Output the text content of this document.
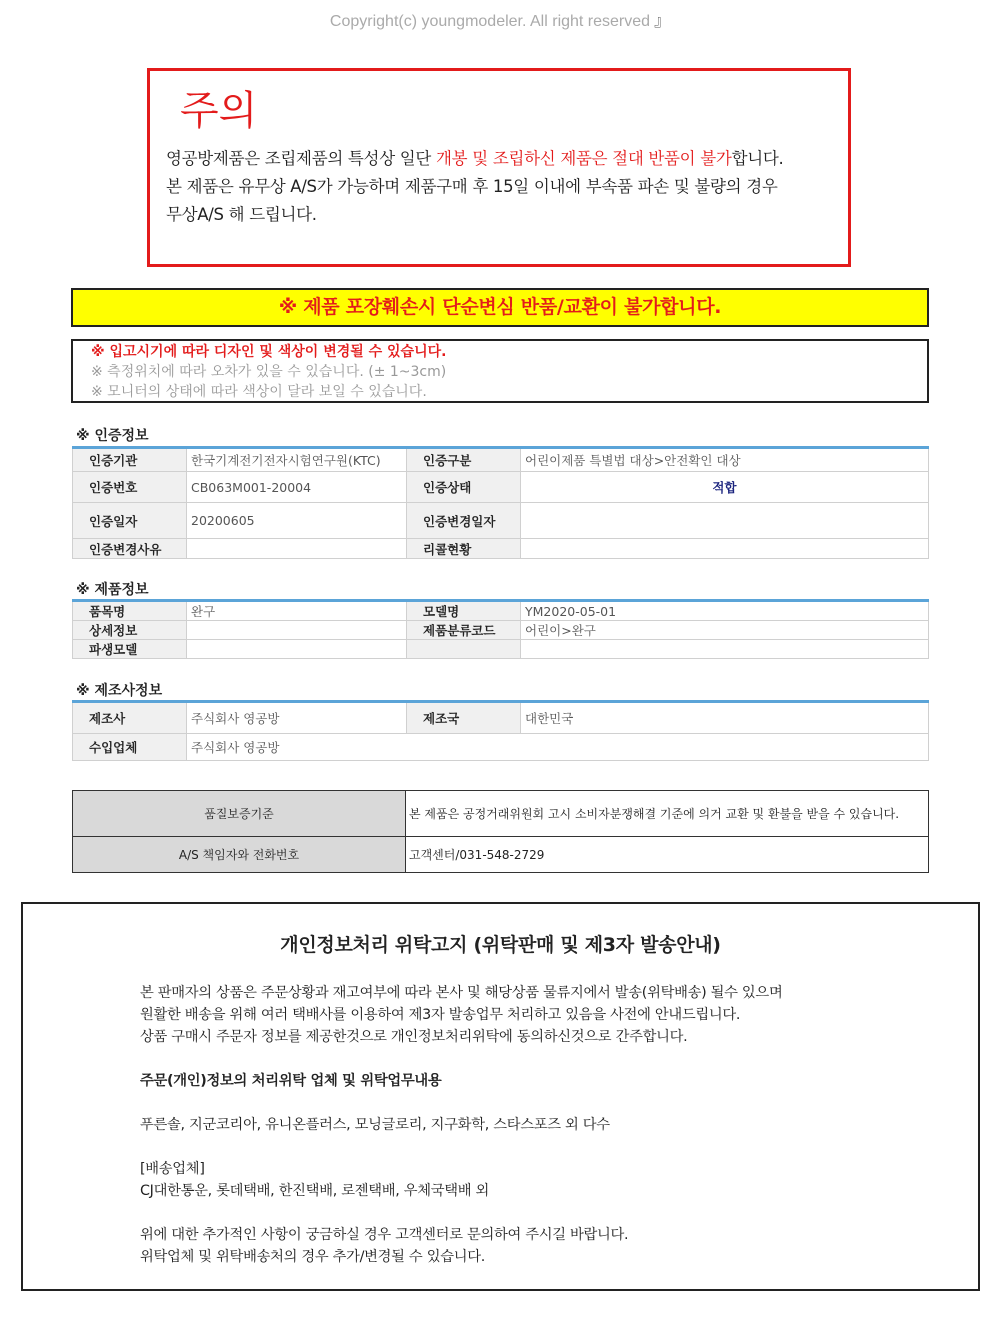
Copyright(c) youngmodeler. All right reserved 』
주의
영공방제품은 조립제품의 특성상 일단 개봉 및 조립하신 제품은 절대 반품이 불가합니다.
본 제품은 유무상 A/S가 가능하며 제품구매 후 15일 이내에 부속품 파손 및 불량의 경우
무상A/S 해 드립니다.
※ 제품 포장훼손시 단순변심 반품/교환이 불가합니다.
※ 입고시기에 따라 디자인 및 색상이 변경될 수 있습니다.
※ 측정위치에 따라 오차가 있을 수 있습니다. (± 1~3cm)
※ 모니터의 상태에 따라 색상이 달라 보일 수 있습니다.
※ 인증정보
인증기관	한국기계전기전자시험연구원(KTC)	인증구분	어린이제품 특별법 대상>안전확인 대상
인증번호	CB063M001-20004	인증상태	적합
인증일자	20200605	인증변경일자	
인증변경사유		리콜현황	
※ 제품정보
품목명	완구	모델명	YM2020-05-01
상세정보		제품분류코드	어린이>완구
파생모델			
※ 제조사정보
제조사	주식회사 영공방	제조국	대한민국
수입업체	주식회사 영공방		
품질보증기준	본 제품은 공정거래위원회 고시 소비자분쟁해결 기준에 의거 교환 및 환불을 받을 수 있습니다.
A/S 책임자와 전화번호	고객센터/031-548-2729
개인정보처리 위탁고지 (위탁판매 및 제3자 발송안내)
본 판매자의 상품은 주문상황과 재고여부에 따라 본사 및 해당상품 물류지에서 발송(위탁배송) 될수 있으며
원활한 배송을 위해 여러 택배사를 이용하여 제3자 발송업무 처리하고 있음을 사전에 안내드립니다.
상품 구매시 주문자 정보를 제공한것으로 개인정보처리위탁에 동의하신것으로 간주합니다.
주문(개인)정보의 처리위탁 업체 및 위탁업무내용
푸른솔, 지군코리아, 유니온플러스, 모닝글로리, 지구화학, 스타스포즈 외 다수
[배송업체]
CJ대한통운, 롯데택배, 한진택배, 로젠택배, 우체국택배 외
위에 대한 추가적인 사항이 궁금하실 경우 고객센터로 문의하여 주시길 바랍니다.
위탁업체 및 위탁배송처의 경우 추가/변경될 수 있습니다.
